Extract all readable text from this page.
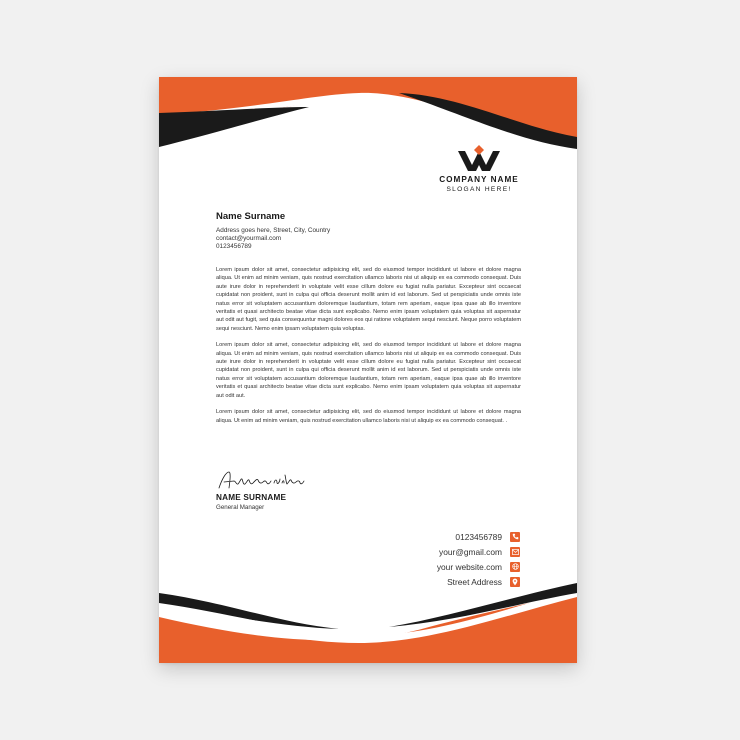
COMPANY NAME
SLOGAN HERE!
Name Surname
Address goes here, Street, City, Country
contact@yourmail.com
0123456789

Lorem ipsum dolor sit amet, consectetur adipisicing elit, sed do eiusmod tempor incididunt ut labore et dolore magna aliqua. Ut enim ad minim veniam, quis nostrud exercitation ullamco laboris nisi ut aliquip ex ea commodo consequat. Duis aute irure dolor in reprehenderit in voluptate velit esse cillum dolore eu fugiat nulla pariatur. Excepteur sint occaecat cupidatat non proident, sunt in culpa qui officia deserunt mollit anim id est laborum. Sed ut perspiciatis unde omnis iste natus error sit voluptatem accusantium doloremque laudantium, totam rem aperiam, eaque ipsa quae ab illo inventore veritatis et quasi architecto beatae vitae dicta sunt explicabo. Nemo enim ipsam voluptatem quia voluptas sit aspernatur aut odit aut fugit, sed quia consequuntur magni dolores eos qui ratione voluptatem sequi nesciunt. Neque porro voluptatem sequi nesciunt. Nemo enim ipsam voluptatem quia voluptas.

Lorem ipsum dolor sit amet, consectetur adipisicing elit, sed do eiusmod tempor incididunt ut labore et dolore magna aliqua. Ut enim ad minim veniam, quis nostrud exercitation ullamco laboris nisi ut aliquip ex ea commodo consequat. Duis aute irure dolor in reprehenderit in voluptate velit esse cillum dolore eu fugiat nulla pariatur. Excepteur sint occaecat cupidatat non proident, sunt in culpa qui officia deserunt mollit anim id est laborum. Sed ut perspiciatis unde omnis iste natus error sit voluptatem accusantium doloremque laudantium, totam rem aperiam, eaque ipsa quae ab illo inventore veritatis et quasi architecto beatae vitae dicta sunt explicabo. Nemo enim ipsam voluptatem quia voluptas sit aspernatur aut odit aut.

Lorem ipsum dolor sit amet, consectetur adipisicing elit, sed do eiusmod tempor incididunt ut labore et dolore magna aliqua. Ut enim ad minim veniam, quis nostrud exercitation ullamco laboris nisi ut aliquip ex ea commodo consequat. .

NAME SURNAME
General Manager
0123456789
your@gmail.com
your website.com
Street Address
